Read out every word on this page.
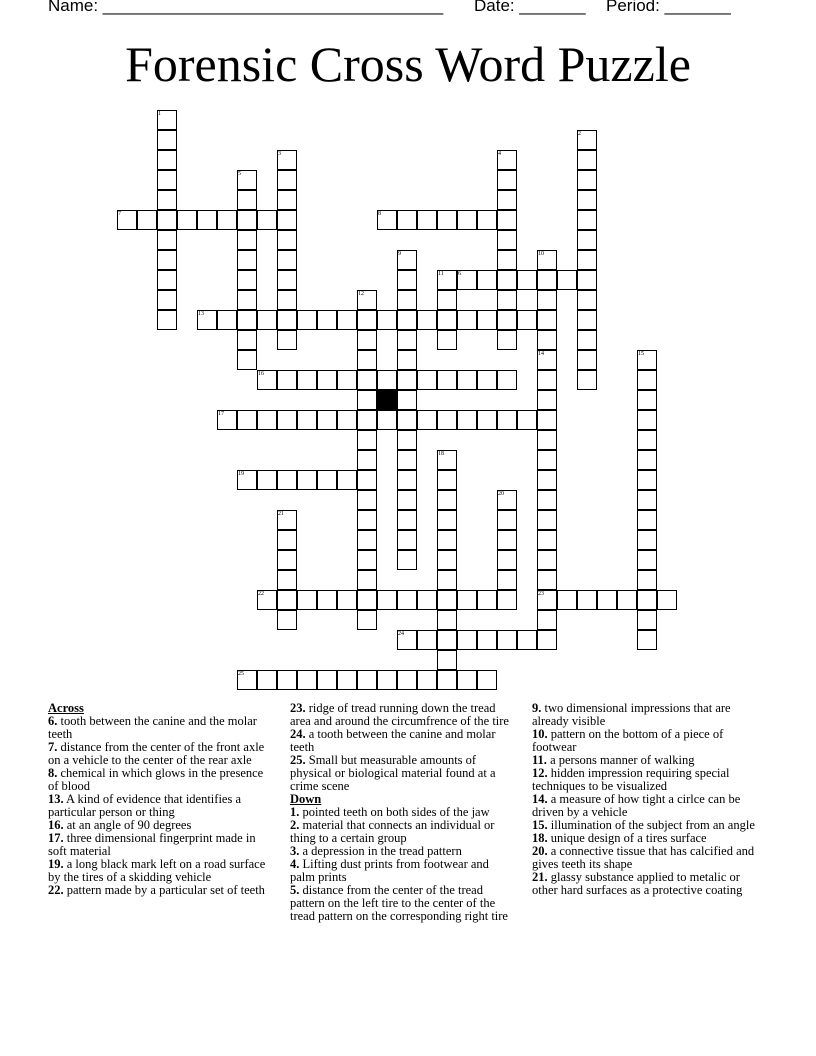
Name: ____________________________________ Date: _______ Period: _______
Forensic Cross Word Puzzle
6
7	8
13
16
17
19
22	23
24
25
1
2
3	4
5
9	10
11
12
14	15
18
20
21
Across
6. tooth between the canine and the molar teeth
7. distance from the center of the front axle on a vehicle to the center of the rear axle
8. chemical in which glows in the presence of blood
13. A kind of evidence that identifies a particular person or thing
16. at an angle of 90 degrees
17. three dimensional fingerprint made in soft material
19. a long black mark left on a road surface by the tires of a skidding vehicle
22. pattern made by a particular set of teeth
23. ridge of tread running down the tread area and around the circumfrence of the tire
24. a tooth between the canine and molar teeth
25. Small but measurable amounts of physical or biological material found at a crime scene
Down
1. pointed teeth on both sides of the jaw
2. material that connects an individual or thing to a certain group
3. a depression in the tread pattern
4. Lifting dust prints from footwear and palm prints
5. distance from the center of the tread pattern on the left tire to the center of the tread pattern on the corresponding right tire
9. two dimensional impressions that are already visible
10. pattern on the bottom of a piece of footwear
11. a persons manner of walking
12. hidden impression requiring special techniques to be visualized
14. a measure of how tight a cirlce can be driven by a vehicle
15. illumination of the subject from an angle
18. unique design of a tires surface
20. a connective tissue that has calcified and gives teeth its shape
21. glassy substance applied to metalic or other hard surfaces as a protective coating
